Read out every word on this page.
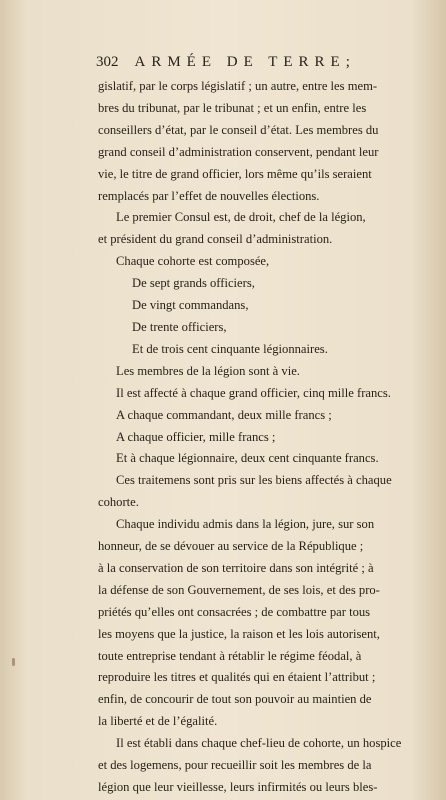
302 ARMÉE DE TERRE;
gislatif, par le corps législatif ; un autre, entre les mem-
bres du tribunat, par le tribunat ; et un enfin, entre les
conseillers d’état, par le conseil d’état. Les membres du
grand conseil d’administration conservent, pendant leur
vie, le titre de grand officier, lors même qu’ils seraient
remplacés par l’effet de nouvelles élections.
Le premier Consul est, de droit, chef de la légion,
et président du grand conseil d’administration.
Chaque cohorte est composée,
De sept grands officiers,
De vingt commandans,
De trente officiers,
Et de trois cent cinquante légionnaires.
Les membres de la légion sont à vie.
Il est affecté à chaque grand officier, cinq mille francs.
A chaque commandant, deux mille francs ;
A chaque officier, mille francs ;
Et à chaque légionnaire, deux cent cinquante francs.
Ces traitemens sont pris sur les biens affectés à chaque
cohorte.
Chaque individu admis dans la légion, jure, sur son
honneur, de se dévouer au service de la République ;
à la conservation de son territoire dans son intégrité ; à
la défense de son Gouvernement, de ses lois, et des pro-
priétés qu’elles ont consacrées ; de combattre par tous
les moyens que la justice, la raison et les lois autorisent,
toute entreprise tendant à rétablir le régime féodal, à
reproduire les titres et qualités qui en étaient l’attribut ;
enfin, de concourir de tout son pouvoir au maintien de
la liberté et de l’égalité.
Il est établi dans chaque chef-lieu de cohorte, un hospice
et des logemens, pour recueillir soit les membres de la
légion que leur vieillesse, leurs infirmités ou leurs bles-
